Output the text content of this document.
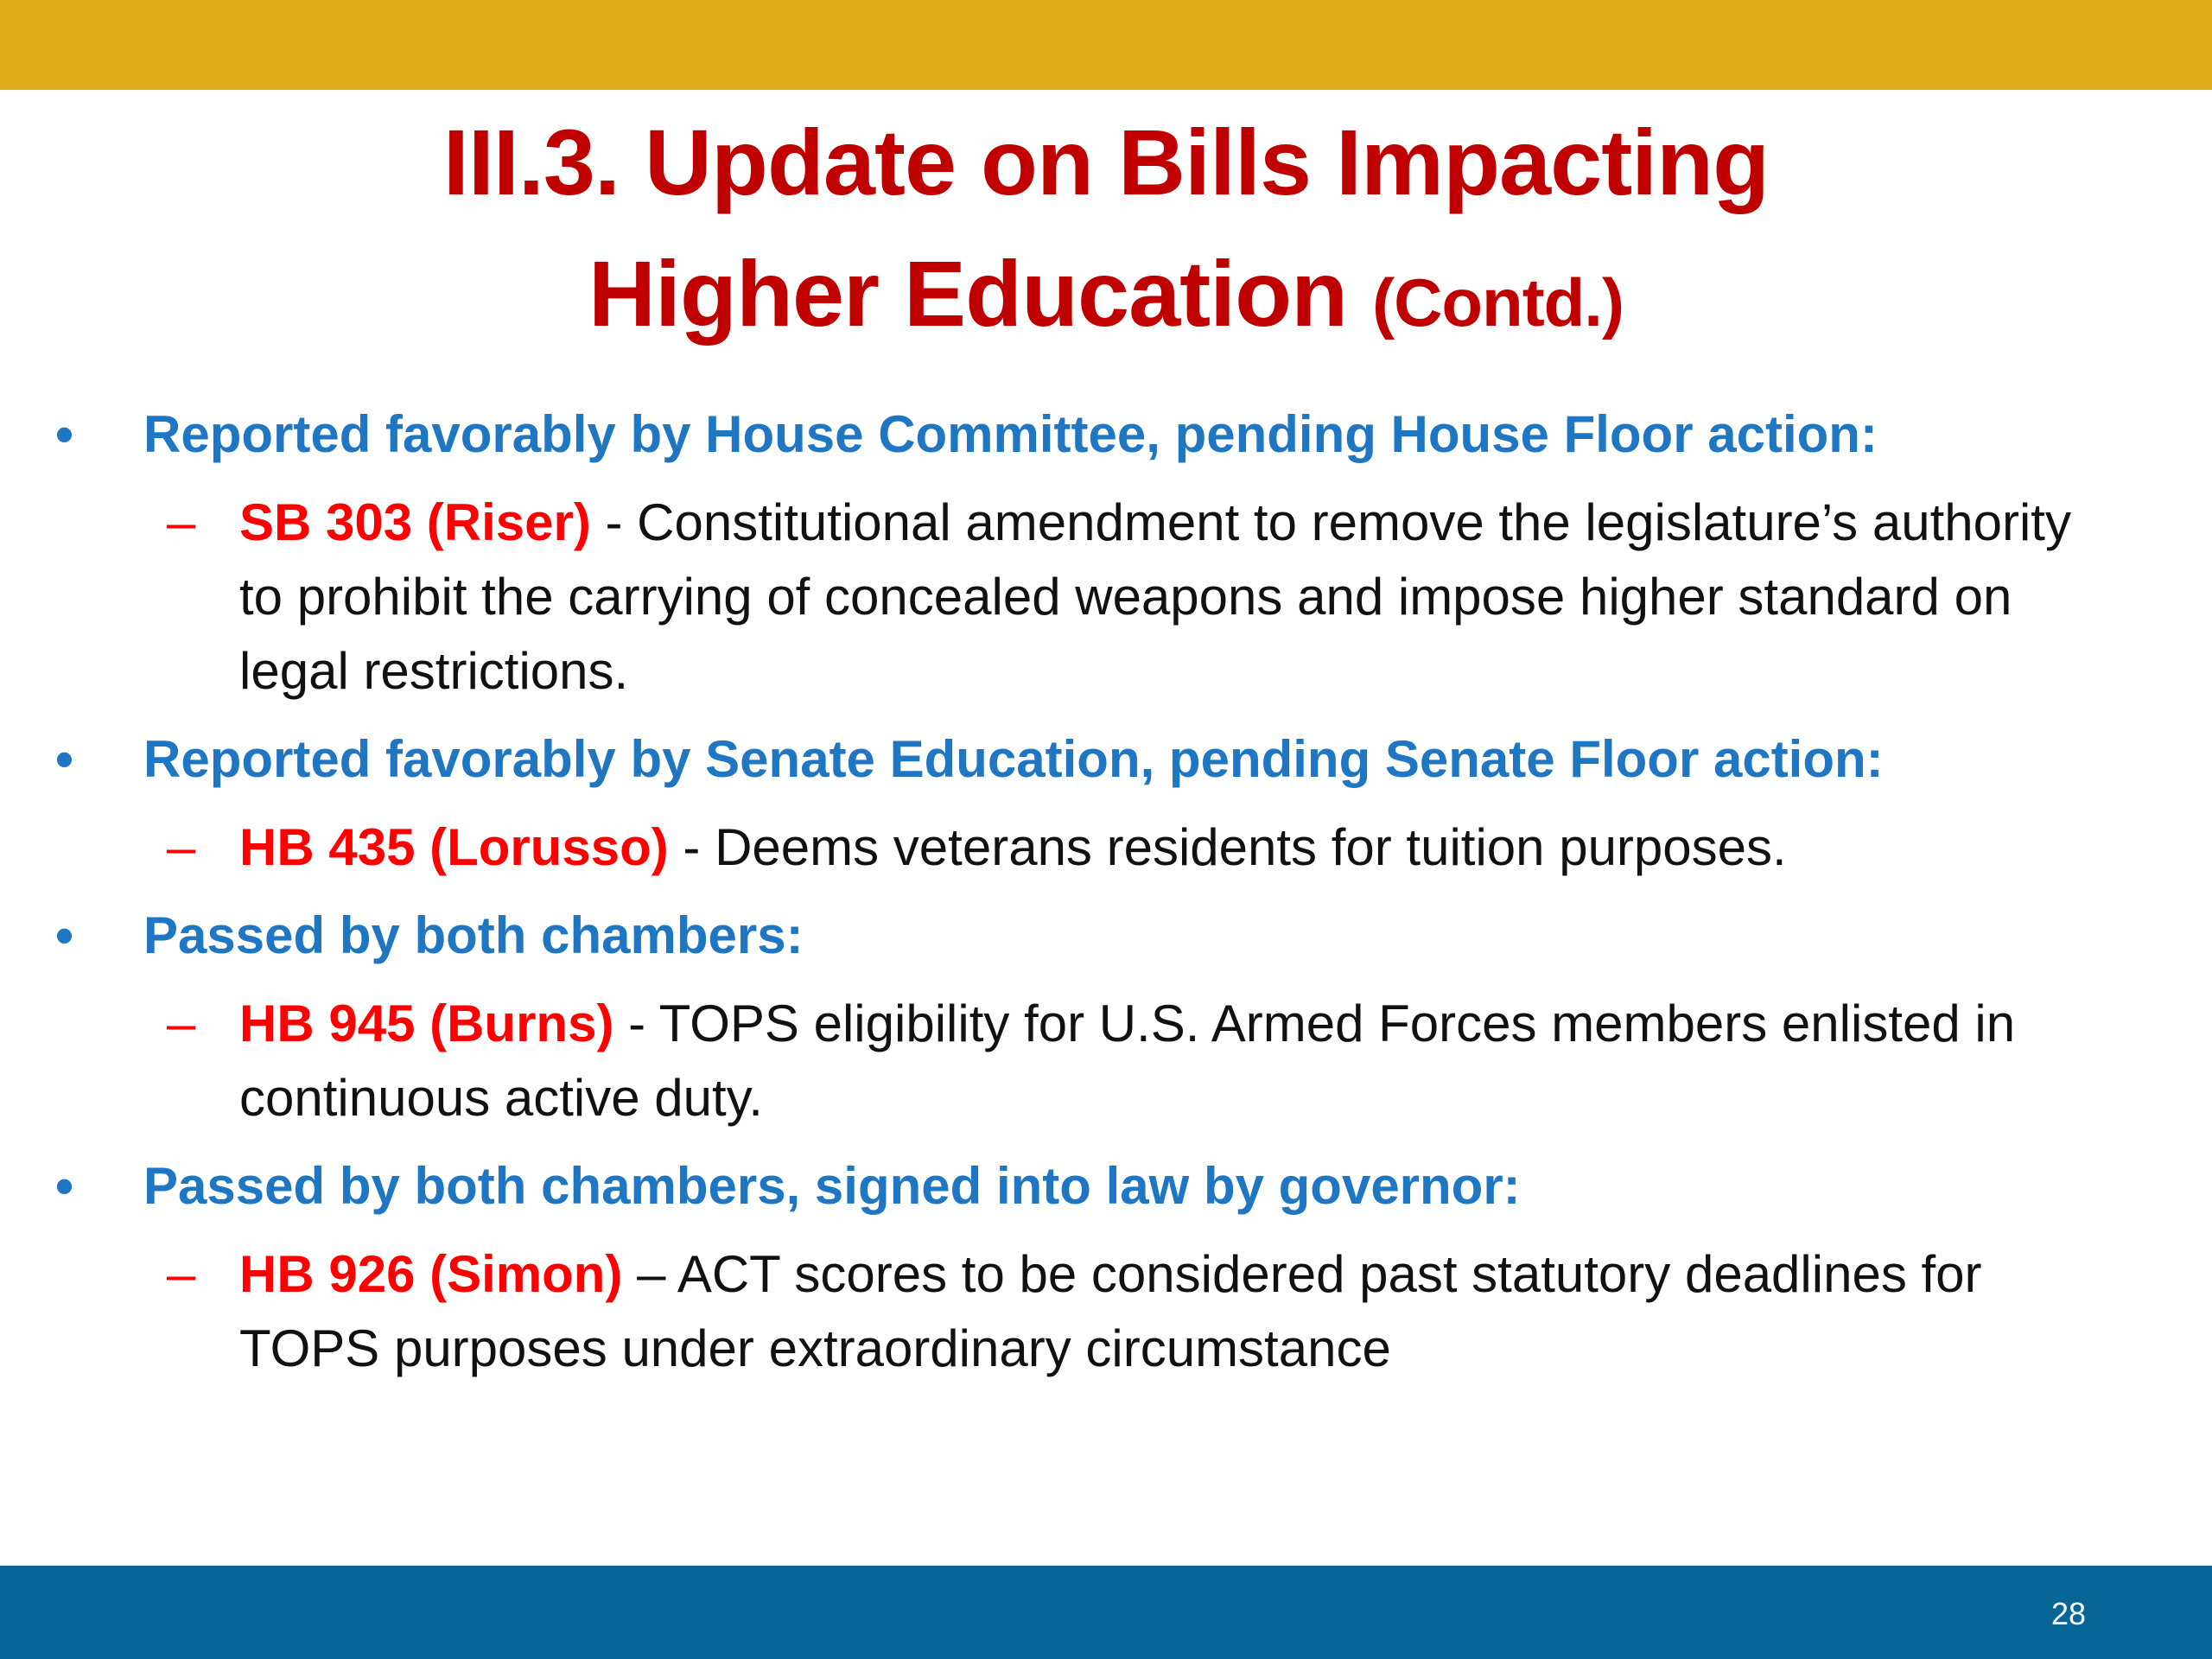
III.3. Update on Bills Impacting
Higher Education (Contd.)
• Reported favorably by House Committee, pending House Floor action:
– SB 303 (Riser) - Constitutional amendment to remove the legislature’s authority to prohibit the carrying of concealed weapons and impose higher standard on legal restrictions.
• Reported favorably by Senate Education, pending Senate Floor action:
– HB 435 (Lorusso) - Deems veterans residents for tuition purposes.
• Passed by both chambers:
– HB 945 (Burns) - TOPS eligibility for U.S. Armed Forces members enlisted in continuous active duty.
• Passed by both chambers, signed into law by governor:
– HB 926 (Simon) – ACT scores to be considered past statutory deadlines for TOPS purposes under extraordinary circumstance
28
